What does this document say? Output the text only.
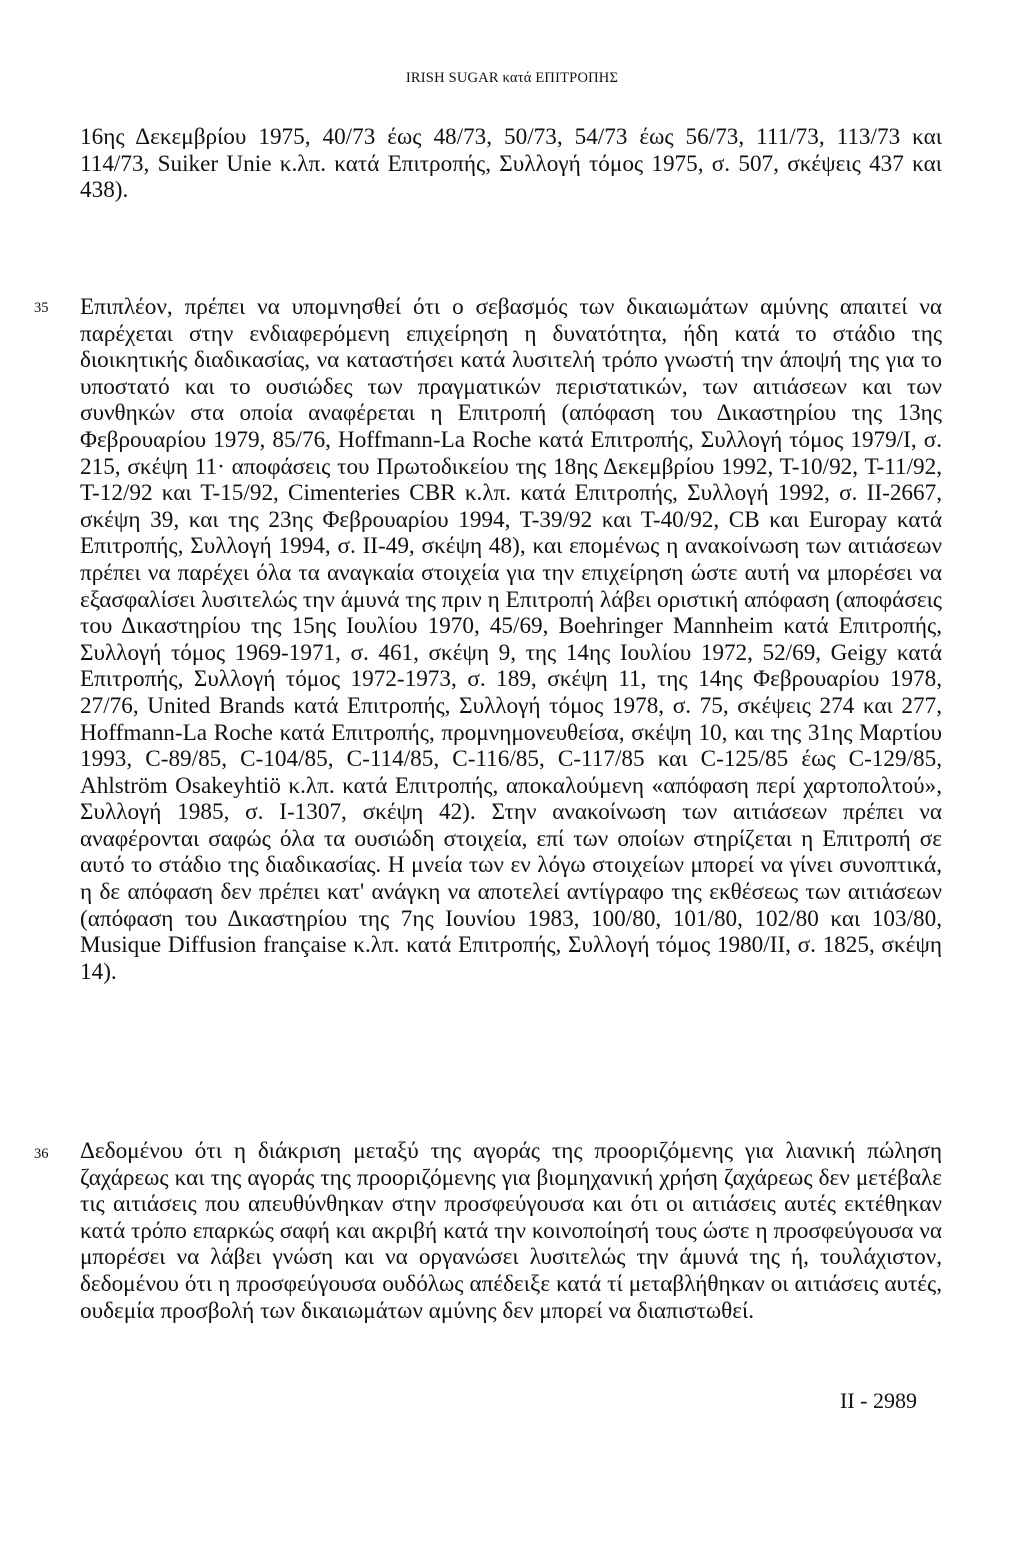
IRISH SUGAR κατά ΕΠΙΤΡΟΠΗΣ

16ης Δεκεμβρίου 1975, 40/73 έως 48/73, 50/73, 54/73 έως 56/73, 111/73, 113/73 και 114/73, Suiker Unie κ.λπ. κατά Επιτροπής, Συλλογή τόμος 1975, σ. 507, σκέψεις 437 και 438).

35 Επιπλέον, πρέπει να υπομνησθεί ότι ο σεβασμός των δικαιωμάτων αμύνης απαιτεί να παρέχεται στην ενδιαφερόμενη επιχείρηση η δυνατότητα, ήδη κατά το στάδιο της διοικητικής διαδικασίας, να καταστήσει κατά λυσιτελή τρόπο γνωστή την άποψή της για το υποστατό και το ουσιώδες των πραγματικών περιστατικών, των αιτιάσεων και των συνθηκών στα οποία αναφέρεται η Επιτροπή (απόφαση του Δικαστηρίου της 13ης Φεβρουαρίου 1979, 85/76, Hoffmann-La Roche κατά Επιτροπής, Συλλογή τόμος 1979/Ι, σ. 215, σκέψη 11· αποφάσεις του Πρωτοδικείου της 18ης Δεκεμβρίου 1992, Τ-10/92, Τ-11/92, Τ-12/92 και Τ-15/92, Cimenteries CBR κ.λπ. κατά Επιτροπής, Συλλογή 1992, σ. ΙΙ-2667, σκέψη 39, και της 23ης Φεβρουαρίου 1994, Τ-39/92 και Τ-40/92, CB και Europay κατά Επιτροπής, Συλλογή 1994, σ. ΙΙ-49, σκέψη 48), και επομένως η ανακοίνωση των αιτιάσεων πρέπει να παρέχει όλα τα αναγκαία στοιχεία για την επιχείρηση ώστε αυτή να μπορέσει να εξασφαλίσει λυσιτελώς την άμυνά της πριν η Επιτροπή λάβει οριστική απόφαση (αποφάσεις του Δικαστηρίου της 15ης Ιουλίου 1970, 45/69, Boehringer Mannheim κατά Επιτροπής, Συλλογή τόμος 1969-1971, σ. 461, σκέψη 9, της 14ης Ιουλίου 1972, 52/69, Geigy κατά Επιτροπής, Συλλογή τόμος 1972-1973, σ. 189, σκέψη 11, της 14ης Φεβρουαρίου 1978, 27/76, United Brands κατά Επιτροπής, Συλλογή τόμος 1978, σ. 75, σκέψεις 274 και 277, Hoffmann-La Roche κατά Επιτροπής, προμνημονευθείσα, σκέψη 10, και της 31ης Μαρτίου 1993, C-89/85, C-104/85, C-114/85, C-116/85, C-117/85 και C-125/85 έως C-129/85, Ahlström Osakeyhtiö κ.λπ. κατά Επιτροπής, αποκαλούμενη «απόφαση περί χαρτοπολτού», Συλλογή 1985, σ. Ι-1307, σκέψη 42). Στην ανακοίνωση των αιτιάσεων πρέπει να αναφέρονται σαφώς όλα τα ουσιώδη στοιχεία, επί των οποίων στηρίζεται η Επιτροπή σε αυτό το στάδιο της διαδικασίας. Η μνεία των εν λόγω στοιχείων μπορεί να γίνει συνοπτικά, η δε απόφαση δεν πρέπει κατ' ανάγκη να αποτελεί αντίγραφο της εκθέσεως των αιτιάσεων (απόφαση του Δικαστηρίου της 7ης Ιουνίου 1983, 100/80, 101/80, 102/80 και 103/80, Musique Diffusion française κ.λπ. κατά Επιτροπής, Συλλογή τόμος 1980/ΙΙ, σ. 1825, σκέψη 14).

36 Δεδομένου ότι η διάκριση μεταξύ της αγοράς της προοριζόμενης για λιανική πώληση ζαχάρεως και της αγοράς της προοριζόμενης για βιομηχανική χρήση ζαχάρεως δεν μετέβαλε τις αιτιάσεις που απευθύνθηκαν στην προσφεύγουσα και ότι οι αιτιάσεις αυτές εκτέθηκαν κατά τρόπο επαρκώς σαφή και ακριβή κατά την κοινοποίησή τους ώστε η προσφεύγουσα να μπορέσει να λάβει γνώση και να οργανώσει λυσιτελώς την άμυνά της ή, τουλάχιστον, δεδομένου ότι η προσφεύγουσα ουδόλως απέδειξε κατά τί μεταβλήθηκαν οι αιτιάσεις αυτές, ουδεμία προσβολή των δικαιωμάτων αμύνης δεν μπορεί να διαπιστωθεί.

II - 2989
